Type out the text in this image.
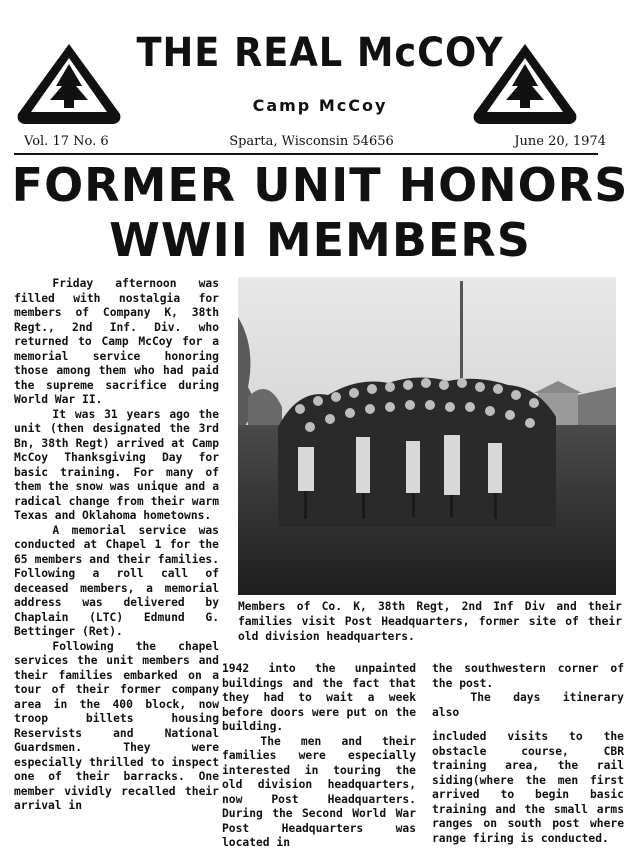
THE REAL McCOY
Camp McCoy
Vol. 17 No. 6	Sparta, Wisconsin 54656	June 20, 1974
FORMER UNIT HONORS
WWII MEMBERS

Friday afternoon was filled with nostalgia for members of Company K, 38th Regt., 2nd Inf. Div. who returned to Camp McCoy for a memorial service honoring those among them who had paid the supreme sacrifice during World War II.

It was 31 years ago the unit (then designated the 3rd Bn, 38th Regt) arrived at Camp McCoy Thanksgiving Day for basic training. For many of them the snow was unique and a radical change from their warm Texas and Oklahoma hometowns.

A memorial service was conducted at Chapel 1 for the 65 members and their families. Following a roll call of deceased members, a memorial address was delivered by Chaplain (LTC) Edmund G. Bettinger (Ret).

Following the chapel services the unit members and their families embarked on a tour of their former company area in the 400 block, now troop billets housing Reservists and National Guardsmen. They were especially thrilled to inspect one of their barracks. One member vividly recalled their arrival in

Members of Co. K, 38th Regt, 2nd Inf Div and their families visit Post Headquarters, former site of their old division headquarters.

1942 into the unpainted buildings and the fact that they had to wait a week before doors were put on the building.

The men and their families were especially interested in touring the old division headquarters, now Post Headquarters. During the Second World War Post Headquarters was located in

the southwestern corner of the post.

The days itinerary also

included visits to the obstacle course, CBR training area, the rail siding(where the men first arrived to begin basic training and the small arms ranges on south post where range firing is conducted.
